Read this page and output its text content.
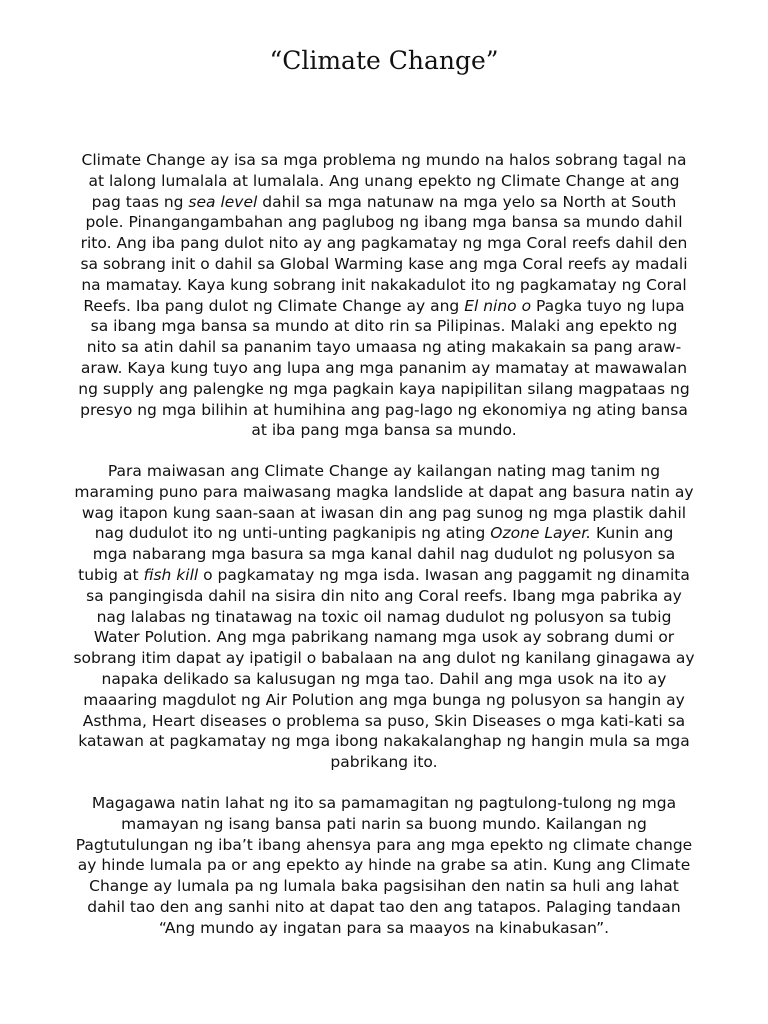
“Climate Change”
Climate Change ay isa sa mga problema ng mundo na halos sobrang tagal na
at lalong lumalala at lumalala. Ang unang epekto ng Climate Change at ang
pag taas ng sea level dahil sa mga natunaw na mga yelo sa North at South
pole. Pinangangambahan ang paglubog ng ibang mga bansa sa mundo dahil
rito. Ang iba pang dulot nito ay ang pagkamatay ng mga Coral reefs dahil den
sa sobrang init o dahil sa Global Warming kase ang mga Coral reefs ay madali
na mamatay. Kaya kung sobrang init nakakadulot ito ng pagkamatay ng Coral
Reefs. Iba pang dulot ng Climate Change ay ang El nino o Pagka tuyo ng lupa
sa ibang mga bansa sa mundo at dito rin sa Pilipinas. Malaki ang epekto ng
nito sa atin dahil sa pananim tayo umaasa ng ating makakain sa pang araw-
araw. Kaya kung tuyo ang lupa ang mga pananim ay mamatay at mawawalan
ng supply ang palengke ng mga pagkain kaya napipilitan silang magpataas ng
presyo ng mga bilihin at humihina ang pag-lago ng ekonomiya ng ating bansa
at iba pang mga bansa sa mundo.
Para maiwasan ang Climate Change ay kailangan nating mag tanim ng
maraming puno para maiwasang magka landslide at dapat ang basura natin ay
wag itapon kung saan-saan at iwasan din ang pag sunog ng mga plastik dahil
nag dudulot ito ng unti-unting pagkanipis ng ating Ozone Layer. Kunin ang
mga nabarang mga basura sa mga kanal dahil nag dudulot ng polusyon sa
tubig at fish kill o pagkamatay ng mga isda. Iwasan ang paggamit ng dinamita
sa pangingisda dahil na sisira din nito ang Coral reefs. Ibang mga pabrika ay
nag lalabas ng tinatawag na toxic oil namag dudulot ng polusyon sa tubig
Water Polution. Ang mga pabrikang namang mga usok ay sobrang dumi or
sobrang itim dapat ay ipatigil o babalaan na ang dulot ng kanilang ginagawa ay
napaka delikado sa kalusugan ng mga tao. Dahil ang mga usok na ito ay
maaaring magdulot ng Air Polution ang mga bunga ng polusyon sa hangin ay
Asthma, Heart diseases o problema sa puso, Skin Diseases o mga kati-kati sa
katawan at pagkamatay ng mga ibong nakakalanghap ng hangin mula sa mga
pabrikang ito.
Magagawa natin lahat ng ito sa pamamagitan ng pagtulong-tulong ng mga
mamayan ng isang bansa pati narin sa buong mundo. Kailangan ng
Pagtutulungan ng iba’t ibang ahensya para ang mga epekto ng climate change
ay hinde lumala pa or ang epekto ay hinde na grabe sa atin. Kung ang Climate
Change ay lumala pa ng lumala baka pagsisihan den natin sa huli ang lahat
dahil tao den ang sanhi nito at dapat tao den ang tatapos. Palaging tandaan
“Ang mundo ay ingatan para sa maayos na kinabukasan”.
